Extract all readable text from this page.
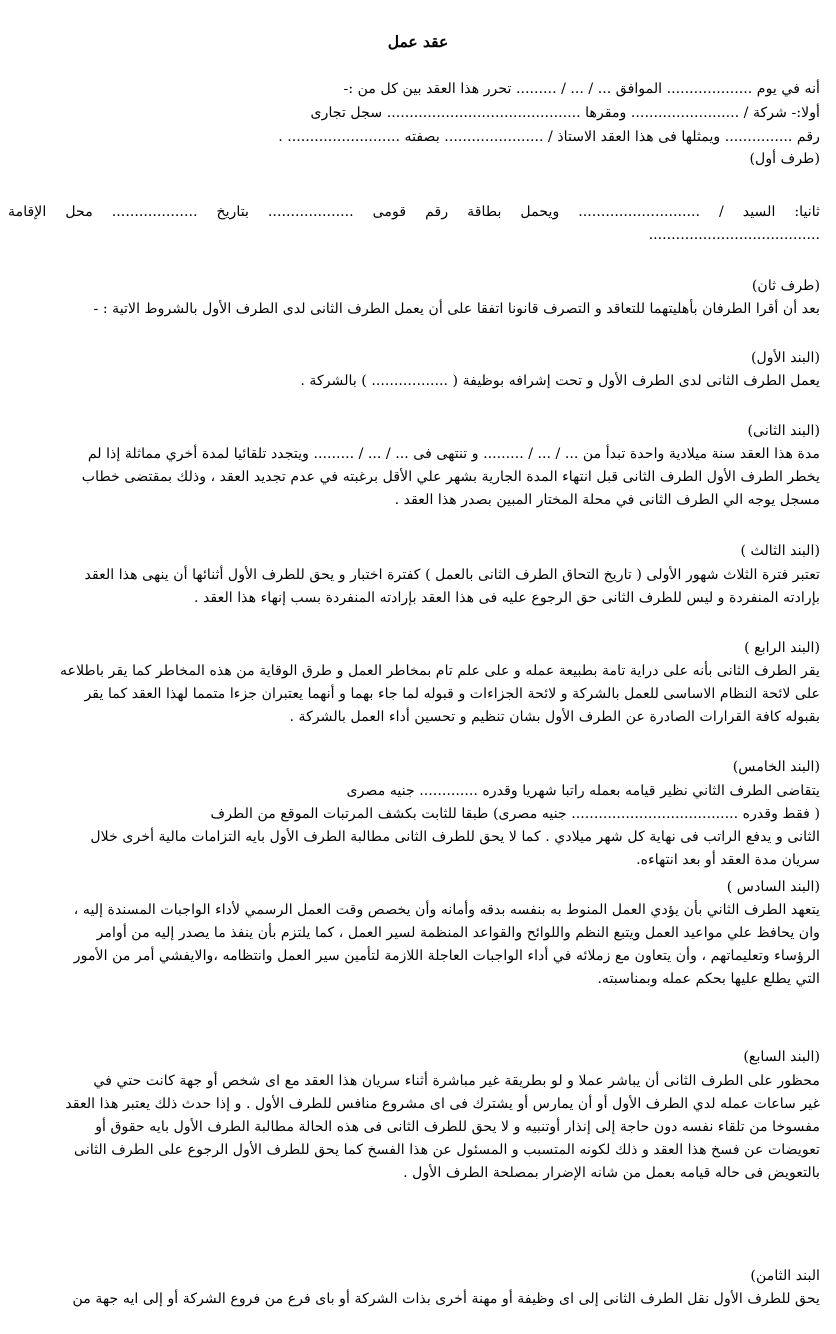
عقد عمل
أنه في يوم ................... الموافق ... / ... / ......... تحرر هذا العقد بين كل من :-
أولا:- شركة / ........................ ومقرها ........................................... سجل تجارى
رقم ............... ويمثلها فى هذا العقد الاستاذ / ...................... بصفته ......................... .
(طرف أول)
ثانيا: السيد / ........................... ويحمل بطاقة رقم قومى ................... بتاريخ ................... محل الإقامة ......................................
(طرف ثان)
بعد أن أقرا الطرفان بأهليتهما للتعاقد و التصرف قانونا اتفقا على أن يعمل الطرف الثانى لدى الطرف الأول بالشروط الاتية : -
(البند الأول)
يعمل الطرف الثانى لدى الطرف الأول و تحت إشرافه بوظيفة ( ................. ) بالشركة .
(البند الثانى)
مدة هذا العقد سنة ميلادية واحدة تبدأ من ... / ... / ......... و تنتهى فى ... / ... / ......... ويتجدد تلقائيا لمدة أخري مماثلة إذا لم
يخطر الطرف الأول الطرف الثانى قبل انتهاء المدة الجارية بشهر علي الأقل برغبته في عدم تجديد العقد ، وذلك بمقتضى خطاب
مسجل يوجه الي الطرف الثانى في محلة المختار المبين بصدر هذا العقد .
(البند الثالث )
تعتبر فترة الثلاث شهور الأولى ( تاريخ التحاق الطرف الثانى بالعمل ) كفترة اختبار و يحق للطرف الأول أثنائها أن ينهى هذا العقد
بإرادته المنفردة و ليس للطرف الثانى حق الرجوع عليه فى هذا العقد بإرادته المنفردة بسب إنهاء هذا العقد .
(البند الرابع )
يقر الطرف الثانى بأنه على دراية تامة بطبيعة عمله و على علم تام بمخاطر العمل و طرق الوقاية من هذه المخاطر كما يقر باطلاعه
على لائحة النظام الاساسى للعمل بالشركة و لائحة الجزاءات و قبوله لما جاء بهما و أنهما يعتبران جزءا متمما لهذا العقد كما يقر
بقبوله كافة القرارات الصادرة عن الطرف الأول بشان تنظيم و تحسين أداء العمل بالشركة .
(البند الخامس)
يتقاضى الطرف الثاني نظير قيامه بعمله راتبا شهريا وقدره ............. جنيه مصرى
( فقط وقدره ..................................... جنيه مصرى) طبقا للثابت بكشف المرتبات الموقع من الطرف
الثانى و يدفع الراتب فى نهاية كل شهر ميلادي . كما لا يحق للطرف الثانى مطالبة الطرف الأول بايه التزامات مالية أخرى خلال
سريان مدة العقد أو بعد انتهاءه.
(البند السادس )
يتعهد الطرف الثاني بأن يؤدي العمل المنوط به بنفسه بدقه وأمانه وأن يخصص وقت العمل الرسمي لأداء الواجبات المسندة إليه ،
وان يحافظ علي مواعيد العمل ويتبع النظم واللوائح والقواعد المنظمة لسير العمل ، كما يلتزم بأن ينفذ ما يصدر إليه من أوامر
الرؤساء وتعليماتهم ، وأن يتعاون مع زملائه في أداء الواجبات العاجلة اللازمة لتأمين سير العمل وانتظامه ،والايفشي أمر من الأمور
التي يطلع عليها بحكم عمله وبمناسبته.
(البند السابع)
محظور على الطرف الثانى أن يباشر عملا و لو بطريقة غير مباشرة أثناء سريان هذا العقد مع اى شخص أو جهة كانت حتي في
غير ساعات عمله لدي الطرف الأول أو أن يمارس أو يشترك فى اى مشروع منافس للطرف الأول . و إذا حدث ذلك يعتبر هذا العقد
مفسوخا من تلقاء نفسه دون حاجة إلى إنذار أوتنبيه و لا يحق للطرف الثانى فى هذه الحالة مطالبة الطرف الأول بايه حقوق أو
تعويضات عن فسخ هذا العقد و ذلك لكونه المتسبب و المسئول عن هذا الفسخ كما يحق للطرف الأول الرجوع على الطرف الثانى
بالتعويض فى حاله قيامه بعمل من شانه الإضرار بمصلحة الطرف الأول .
البند الثامن)
يحق للطرف الأول نقل الطرف الثانى إلى اى وظيفة أو مهنة أخرى بذات الشركة أو باى فرع من فروع الشركة أو إلى ايه جهة من
